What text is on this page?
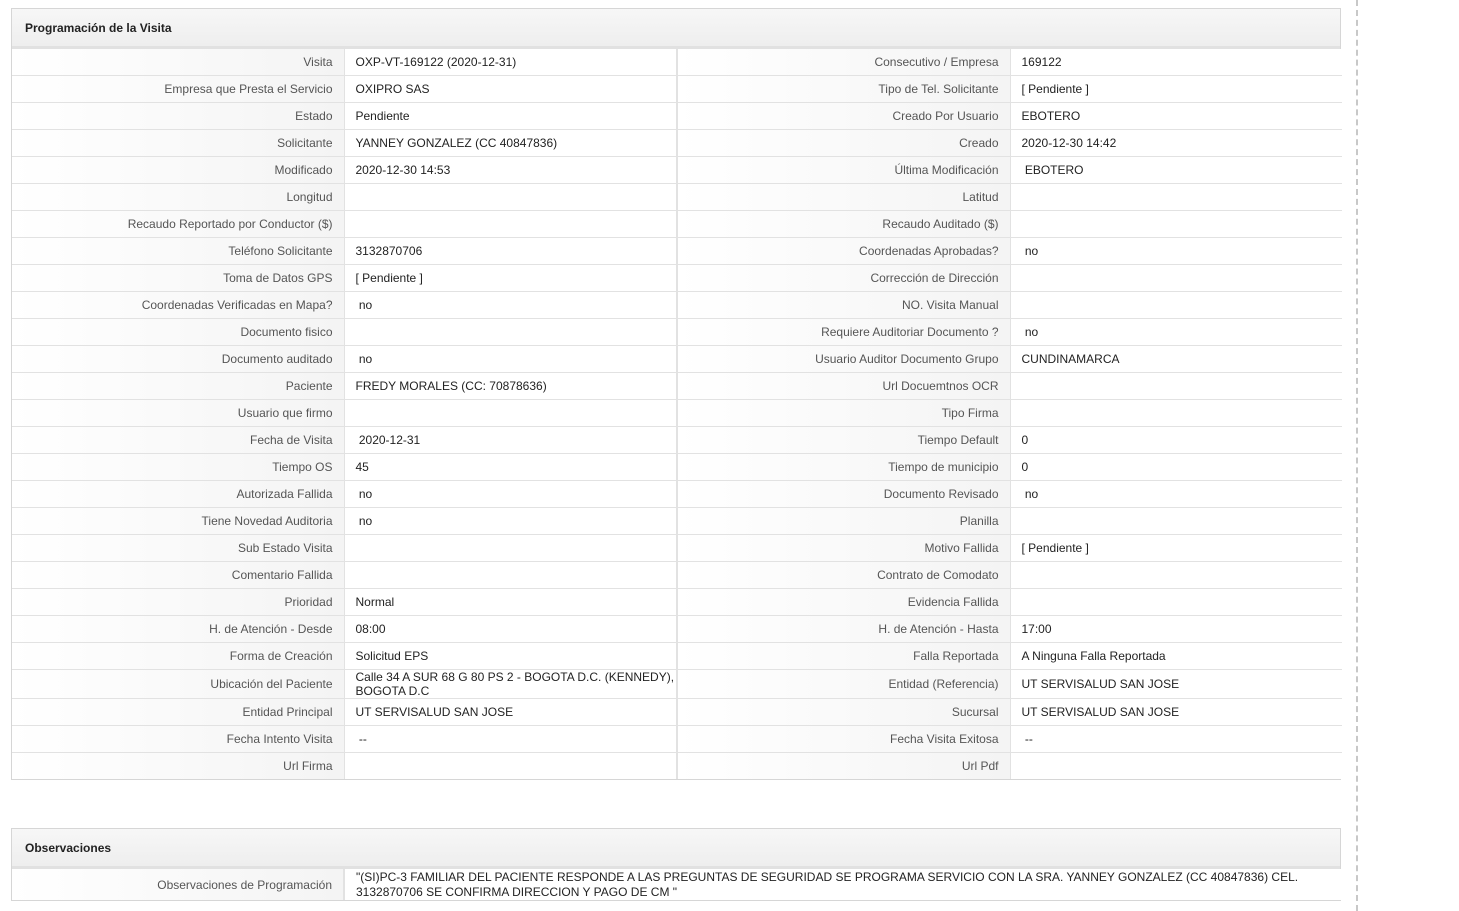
Programación de la Visita
Visita	OXP-VT-169122 (2020-12-31)	Consecutivo / Empresa	169122
Empresa que Presta el Servicio	OXIPRO SAS	Tipo de Tel. Solicitante	[ Pendiente ]
Estado	Pendiente	Creado Por Usuario	EBOTERO
Solicitante	YANNEY GONZALEZ (CC 40847836)	Creado	2020-12-30 14:42
Modificado	2020-12-30 14:53	Última Modificación	EBOTERO
Longitud		Latitud	
Recaudo Reportado por Conductor ($)		Recaudo Auditado ($)	
Teléfono Solicitante	3132870706	Coordenadas Aprobadas?	no
Toma de Datos GPS	[ Pendiente ]	Corrección de Dirección	
Coordenadas Verificadas en Mapa?	no	NO. Visita Manual	
Documento fisico		Requiere Auditoriar Documento ?	no
Documento auditado	no	Usuario Auditor Documento Grupo	CUNDINAMARCA
Paciente	FREDY MORALES (CC: 70878636)	Url Docuemtnos OCR	
Usuario que firmo		Tipo Firma	
Fecha de Visita	2020-12-31	Tiempo Default	0
Tiempo OS	45	Tiempo de municipio	0
Autorizada Fallida	no	Documento Revisado	no
Tiene Novedad Auditoria	no	Planilla	
Sub Estado Visita		Motivo Fallida	[ Pendiente ]
Comentario Fallida		Contrato de Comodato	
Prioridad	Normal	Evidencia Fallida	
H. de Atención - Desde	08:00	H. de Atención - Hasta	17:00
Forma de Creación	Solicitud EPS	Falla Reportada	A Ninguna Falla Reportada
Ubicación del Paciente	Calle 34 A SUR 68 G 80 PS 2 - BOGOTA D.C. (KENNEDY), BOGOTA D.C	Entidad (Referencia)	UT SERVISALUD SAN JOSE
Entidad Principal	UT SERVISALUD SAN JOSE	Sucursal	UT SERVISALUD SAN JOSE
Fecha Intento Visita	--	Fecha Visita Exitosa	--
Url Firma		Url Pdf	
Observaciones
Observaciones de Programación	
"(SI)PC-3 FAMILIAR DEL PACIENTE RESPONDE A LAS PREGUNTAS DE SEGURIDAD SE PROGRAMA SERVICIO CON LA SRA. YANNEY GONZALEZ (CC 40847836) CEL. 3132870706 SE CONFIRMA DIRECCION Y PAGO DE CM "
